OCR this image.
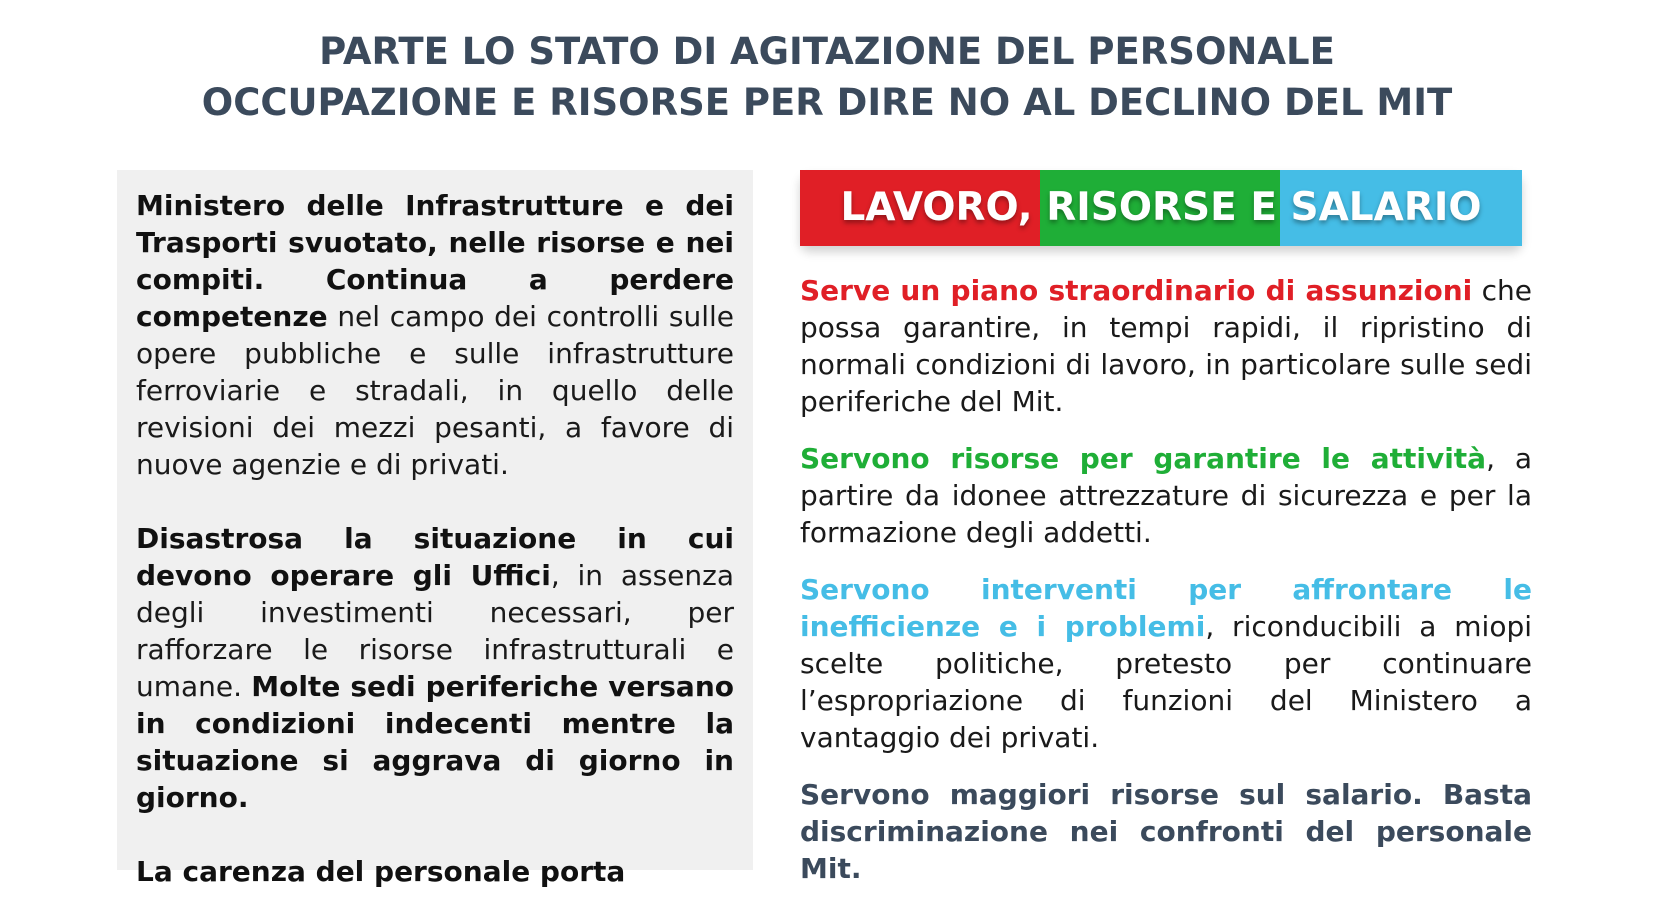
PARTE LO STATO DI AGITAZIONE DEL PERSONALE
OCCUPAZIONE E RISORSE PER DIRE NO AL DECLINO DEL MIT

Ministero delle Infrastrutture e dei Trasporti svuotato, nelle risorse e nei compiti. Continua a perdere competenze nel campo dei controlli sulle opere pubbliche e sulle infrastrutture ferroviarie e stradali, in quello delle revisioni dei mezzi pesanti, a favore di nuove agenzie e di privati.

Disastrosa la situazione in cui devono operare gli Uffici, in assenza degli investimenti necessari, per rafforzare le risorse infrastrutturali e umane. Molte sedi periferiche versano in condizioni indecenti mentre la situazione si aggrava di giorno in giorno.

La carenza del personale porta

LAVORO, RISORSE E SALARIO

Serve un piano straordinario di assunzioni che possa garantire, in tempi rapidi, il ripristino di normali condizioni di lavoro, in particolare sulle sedi periferiche del Mit.

Servono risorse per garantire le attività, a partire da idonee attrezzature di sicurezza e per la formazione degli addetti.

Servono interventi per affrontare le inefficienze e i problemi, riconducibili a miopi scelte politiche, pretesto per continuare l’espropriazione di funzioni del Ministero a vantaggio dei privati.

Servono maggiori risorse sul salario. Basta discriminazione nei confronti del personale Mit.
